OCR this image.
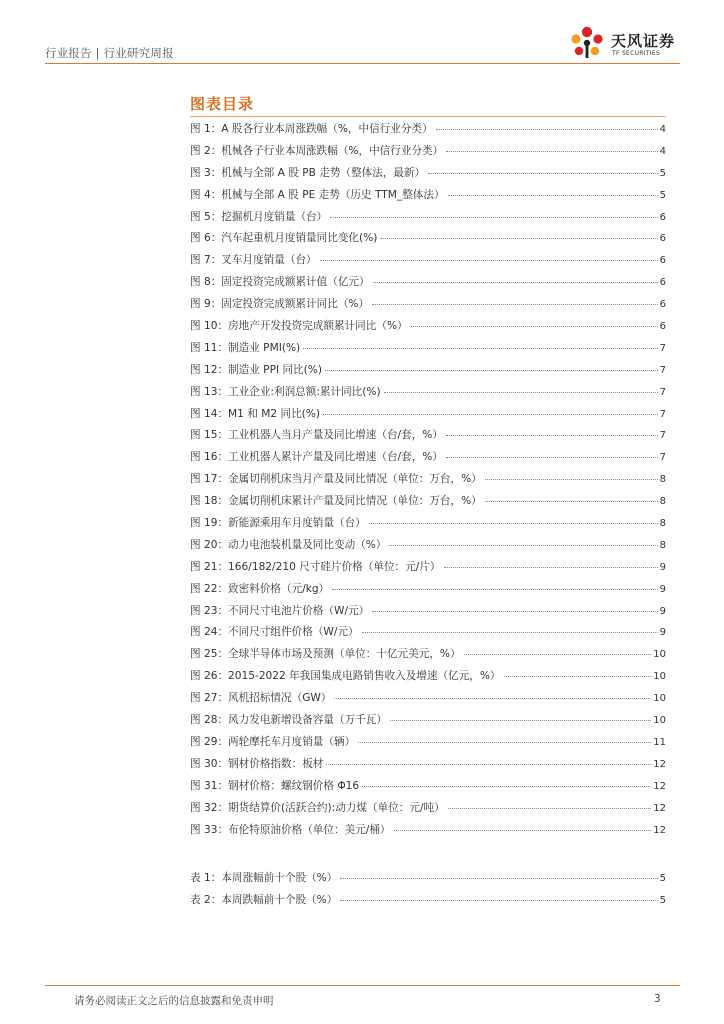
行业报告 | 行业研究周报
天风证券
TF SECURITIES
图表目录
图 1：A 股各行业本周涨跌幅（%，中信行业分类）	4
图 2：机械各子行业本周涨跌幅（%，中信行业分类）	4
图 3：机械与全部 A 股 PB 走势（整体法，最新）	5
图 4：机械与全部 A 股 PE 走势（历史 TTM_整体法）	5
图 5：挖掘机月度销量（台）	6
图 6：汽车起重机月度销量同比变化(%)	6
图 7：叉车月度销量（台）	6
图 8：固定投资完成额累计值（亿元）	6
图 9：固定投资完成额累计同比（%）	6
图 10：房地产开发投资完成额累计同比（%）	6
图 11：制造业 PMI(%)	7
图 12：制造业 PPI 同比(%)	7
图 13：工业企业:利润总额:累计同比(%)	7
图 14：M1 和 M2 同比(%)	7
图 15：工业机器人当月产量及同比增速（台/套，%）	7
图 16：工业机器人累计产量及同比增速（台/套，%）	7
图 17：金属切削机床当月产量及同比情况（单位：万台，%）	8
图 18：金属切削机床累计产量及同比情况（单位：万台，%）	8
图 19：新能源乘用车月度销量（台）	8
图 20：动力电池装机量及同比变动（%）	8
图 21：166/182/210 尺寸硅片价格（单位：元/片）	9
图 22：致密料价格（元/kg）	9
图 23：不同尺寸电池片价格（W/元）	9
图 24：不同尺寸组件价格（W/元）	9
图 25：全球半导体市场及预测（单位：十亿元美元，%）	10
图 26：2015-2022 年我国集成电路销售收入及增速（亿元，%）	10
图 27：风机招标情况（GW）	10
图 28：风力发电新增设备容量（万千瓦）	10
图 29：两轮摩托车月度销量（辆）	11
图 30：钢材价格指数：板材	12
图 31：钢材价格：螺纹钢价格 Φ16	12
图 32：期货结算价(活跃合约):动力煤（单位：元/吨）	12
图 33：布伦特原油价格（单位：美元/桶）	12
表 1：本周涨幅前十个股（%）	5
表 2：本周跌幅前十个股（%）	5
请务必阅读正文之后的信息披露和免责申明	3
